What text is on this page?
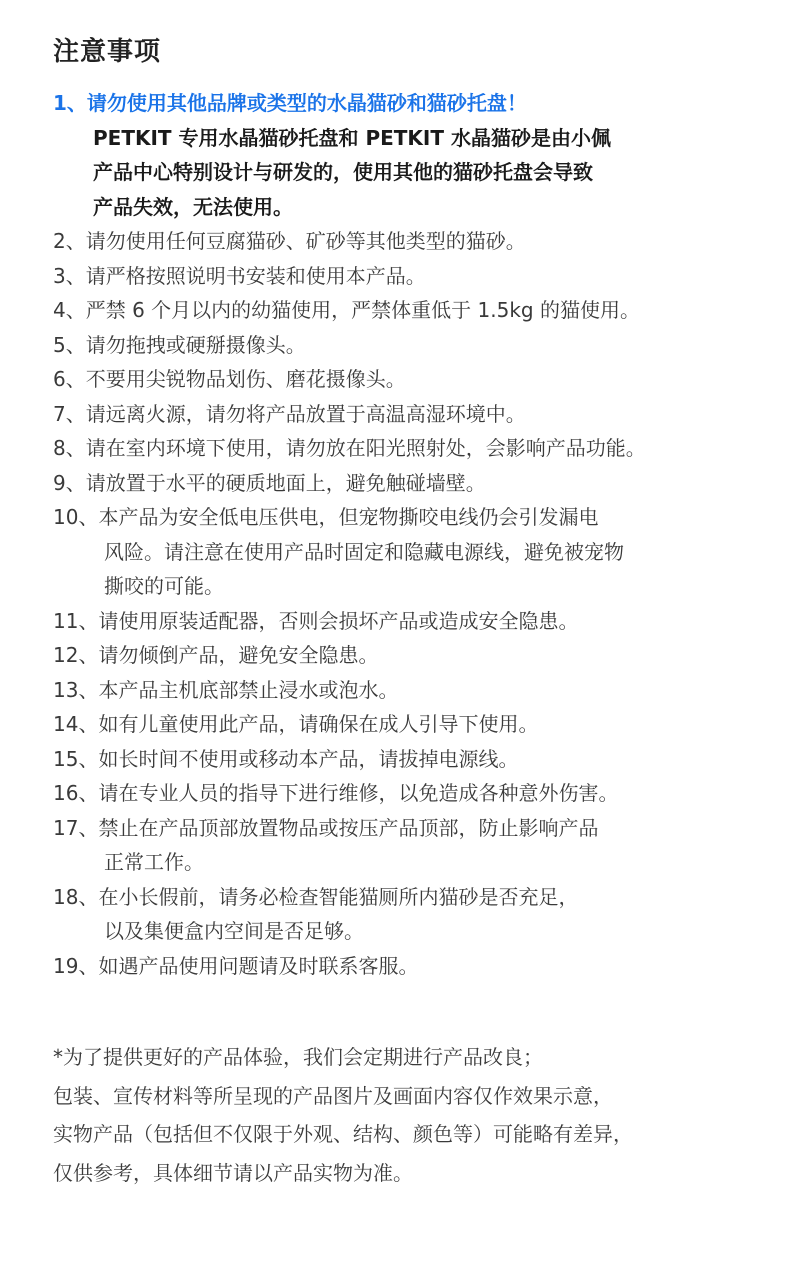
注意事项
1、请勿使用其他品牌或类型的水晶猫砂和猫砂托盘！
PETKIT 专用水晶猫砂托盘和 PETKIT 水晶猫砂是由小佩
产品中心特别设计与研发的，使用其他的猫砂托盘会导致
产品失效，无法使用。
2、请勿使用任何豆腐猫砂、矿砂等其他类型的猫砂。
3、请严格按照说明书安装和使用本产品。
4、严禁 6 个月以内的幼猫使用，严禁体重低于 1.5kg 的猫使用。
5、请勿拖拽或硬掰摄像头。
6、不要用尖锐物品划伤、磨花摄像头。
7、请远离火源，请勿将产品放置于高温高湿环境中。
8、请在室内环境下使用，请勿放在阳光照射处，会影响产品功能。
9、请放置于水平的硬质地面上，避免触碰墙壁。
10、本产品为安全低电压供电，但宠物撕咬电线仍会引发漏电
风险。请注意在使用产品时固定和隐藏电源线，避免被宠物
撕咬的可能。
11、请使用原装适配器，否则会损坏产品或造成安全隐患。
12、请勿倾倒产品，避免安全隐患。
13、本产品主机底部禁止浸水或泡水。
14、如有儿童使用此产品，请确保在成人引导下使用。
15、如长时间不使用或移动本产品，请拔掉电源线。
16、请在专业人员的指导下进行维修，以免造成各种意外伤害。
17、禁止在产品顶部放置物品或按压产品顶部，防止影响产品
正常工作。
18、在小长假前，请务必检查智能猫厕所内猫砂是否充足，
以及集便盒内空间是否足够。
19、如遇产品使用问题请及时联系客服。
*为了提供更好的产品体验，我们会定期进行产品改良；
包装、宣传材料等所呈现的产品图片及画面内容仅作效果示意，
实物产品（包括但不仅限于外观、结构、颜色等）可能略有差异，
仅供参考，具体细节请以产品实物为准。
